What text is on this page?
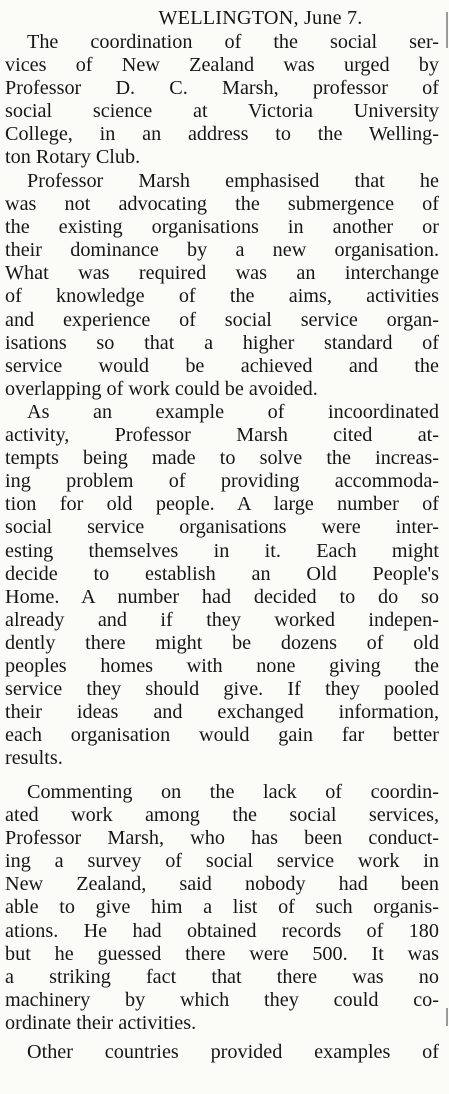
WELLINGTON, June 7.

The coordination of the social ser-
vices of New Zealand was urged by
Professor D. C. Marsh, professor of
social science at Victoria University
College, in an address to the Welling-
ton Rotary Club.

Professor Marsh emphasised that he
was not advocating the submergence of
the existing organisations in another or
their dominance by a new organisation.
What was required was an interchange
of knowledge of the aims, activities
and experience of social service organ-
isations so that a higher standard of
service would be achieved and the
overlapping of work could be avoided.

As an example of incoordinated
activity, Professor Marsh cited at-
tempts being made to solve the increas-
ing problem of providing accommoda-
tion for old people. A large number of
social service organisations were inter-
esting themselves in it. Each might
decide to establish an Old People's
Home. A number had decided to do so
already and if they worked indepen-
dently there might be dozens of old
peoples homes with none giving the
service they should give. If they pooled
their ideas and exchanged information,
each organisation would gain far better
results.

Commenting on the lack of coordin-
ated work among the social services,
Professor Marsh, who has been conduct-
ing a survey of social service work in
New Zealand, said nobody had been
able to give him a list of such organis-
ations. He had obtained records of 180
but he guessed there were 500. It was
a striking fact that there was no
machinery by which they could co-
ordinate their activities.

Other countries provided examples of
